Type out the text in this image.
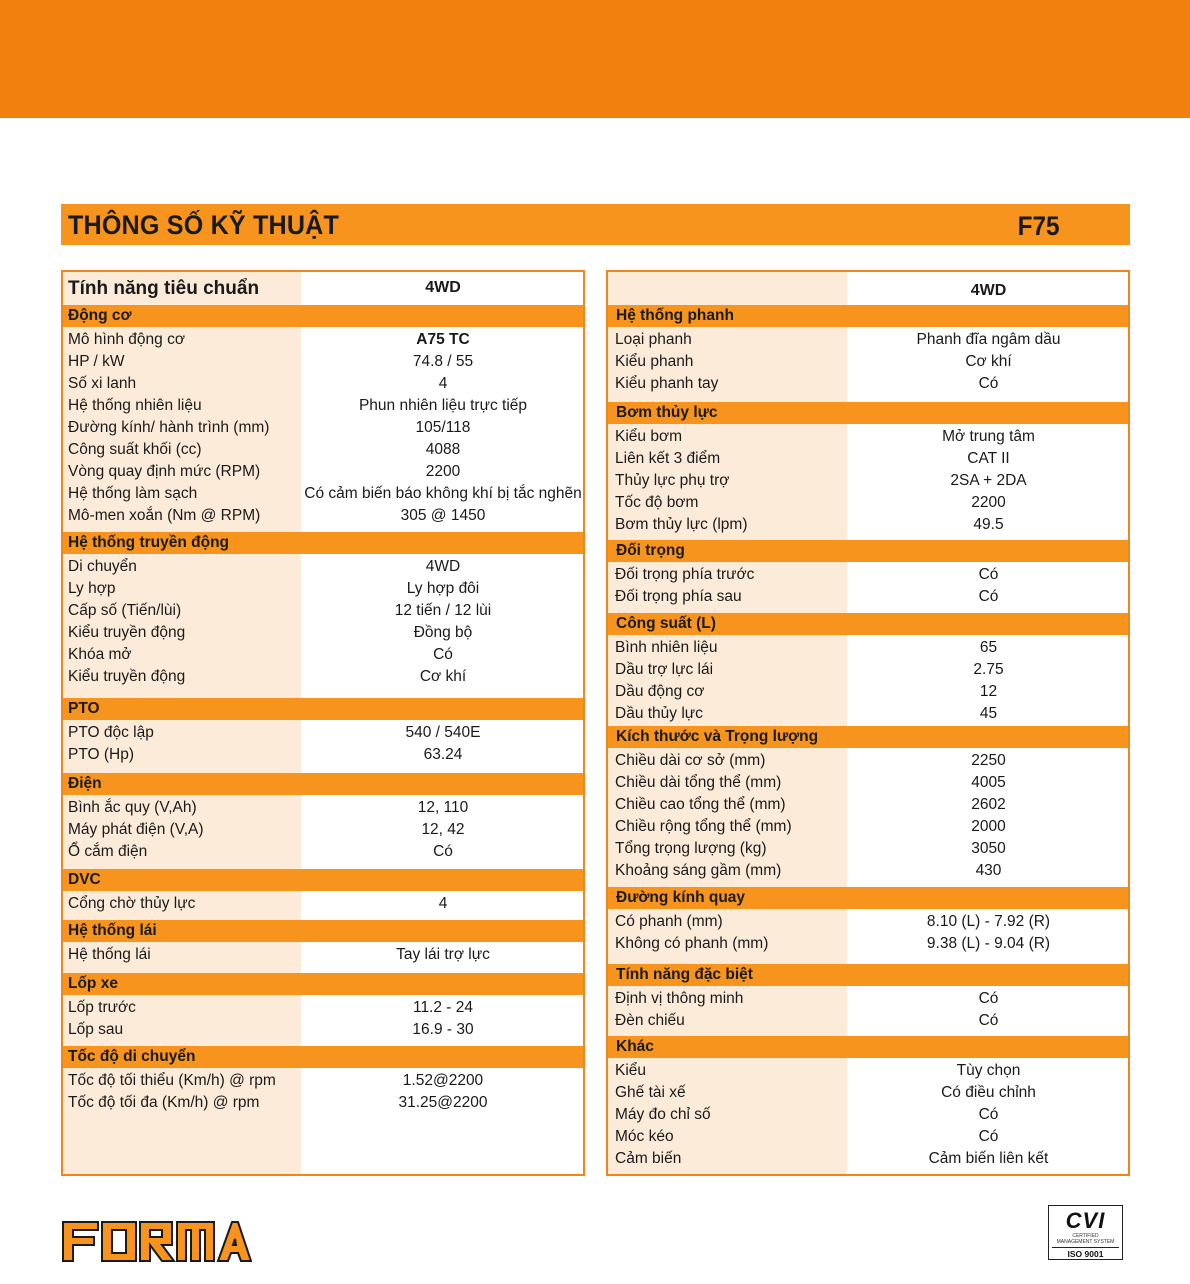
THÔNG SỐ KỸ THUẬT	F75
Tính năng tiêu chuẩn	4WD
Động cơ
Mô hình động cơ	A75 TC
HP / kW	74.8 / 55
Số xi lanh	4
Hệ thống nhiên liệu	Phun nhiên liệu trực tiếp
Đường kính/ hành trình (mm)	105/118
Công suất khối (cc)	4088
Vòng quay định mức (RPM)	2200
Hệ thống làm sạch	Có cảm biến báo không khí bị tắc nghẽn
Mô-men xoắn (Nm @ RPM)	305 @ 1450
Hệ thống truyền động
Di chuyển	4WD
Ly hợp	Ly hợp đôi
Cấp số (Tiến/lùi)	12 tiến / 12 lùi
Kiểu truyền động	Đồng bộ
Khóa mở	Có
Kiểu truyền động	Cơ khí
PTO
PTO độc lập	540 / 540E
PTO (Hp)	63.24
Điện
Bình ắc quy (V,Ah)	12, 110
Máy phát điện (V,A)	12, 42
Ổ cắm điện	Có
DVC
Cổng chờ thủy lực	4
Hệ thống lái
Hệ thống lái	Tay lái trợ lực
Lốp xe
Lốp trước	11.2 - 24
Lốp sau	16.9 - 30
Tốc độ di chuyển
Tốc độ tối thiểu (Km/h) @ rpm	1.52@2200
Tốc độ tối đa (Km/h) @ rpm	31.25@2200
4WD
Hệ thống phanh
Loại phanh	Phanh đĩa ngâm dầu
Kiểu phanh	Cơ khí
Kiểu phanh tay	Có
Bơm thủy lực
Kiểu bơm	Mở trung tâm
Liên kết 3 điểm	CAT II
Thủy lực phụ trợ	2SA + 2DA
Tốc độ bơm	2200
Bơm thủy lực (lpm)	49.5
Đối trọng
Đối trọng phía trước	Có
Đối trọng phía sau	Có
Công suất (L)
Bình nhiên liệu	65
Dầu trợ lực lái	2.75
Dầu động cơ	12
Dầu thủy lực	45
Kích thước và Trọng lượng
Chiều dài cơ sở (mm)	2250
Chiều dài tổng thể (mm)	4005
Chiều cao tổng thể (mm)	2602
Chiều rộng tổng thể (mm)	2000
Tổng trọng lượng (kg)	3050
Khoảng sáng gầm (mm)	430
Đường kính quay
Có phanh (mm)	8.10 (L) - 7.92 (R)
Không có phanh (mm)	9.38 (L) - 9.04 (R)
Tính năng đặc biệt
Định vị thông minh	Có
Đèn chiếu	Có
Khác
Kiểu	Tùy chọn
Ghế tài xế	Có điều chỉnh
Máy đo chỉ số	Có
Móc kéo	Có
Cảm biến	Cảm biến liên kết
CVI
CERTIFIED
MANAGEMENT SYSTEM
ISO 9001
